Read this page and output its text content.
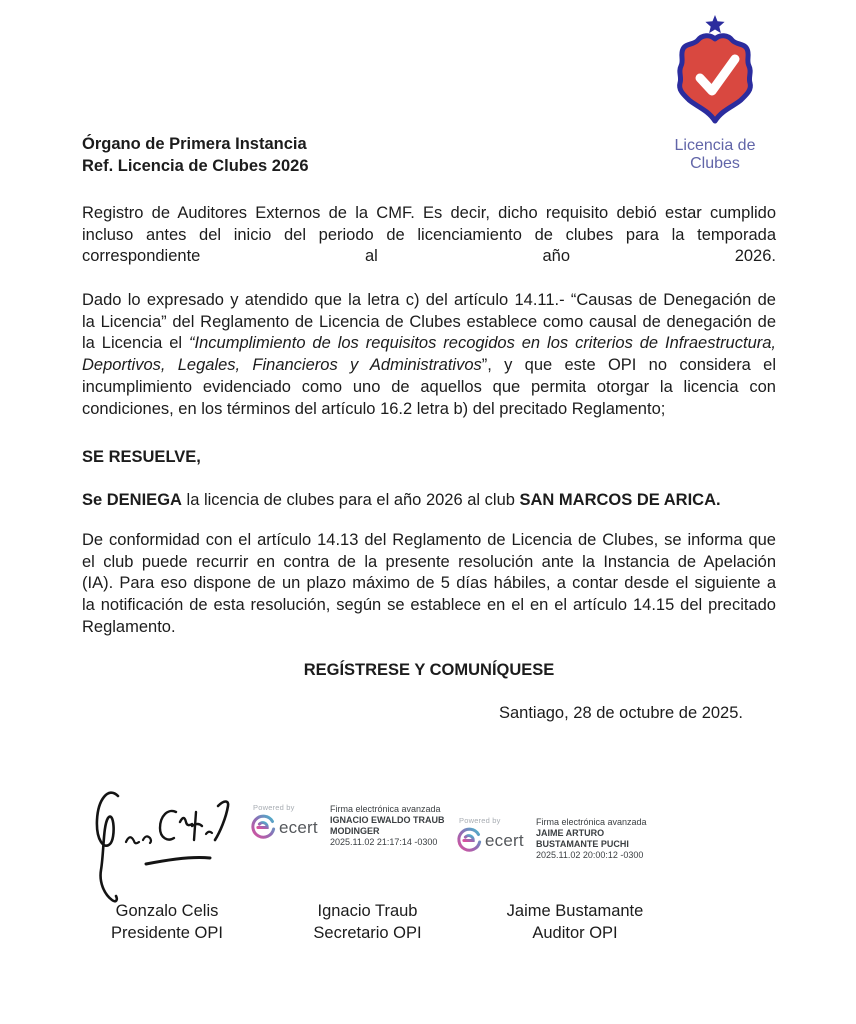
Licencia de
Clubes
Órgano de Primera Instancia
Ref. Licencia de Clubes 2026
Registro de Auditores Externos de la CMF. Es decir, dicho requisito debió estar cumplido
incluso antes del inicio del periodo de licenciamiento de clubes para la temporada
correspondiente al año 2026.
Dado lo expresado y atendido que la letra c) del artículo 14.11.- “Causas de Denegación de
la Licencia” del Reglamento de Licencia de Clubes establece como causal de denegación de
la Licencia el “Incumplimiento de los requisitos recogidos en los criterios de Infraestructura,
Deportivos, Legales, Financieros y Administrativos”, y que este OPI no considera el
incumplimiento evidenciado como uno de aquellos que permita otorgar la licencia con
condiciones, en los términos del artículo 16.2 letra b) del precitado Reglamento;
SE RESUELVE,
Se DENIEGA la licencia de clubes para el año 2026 al club SAN MARCOS DE ARICA.
De conformidad con el artículo 14.13 del Reglamento de Licencia de Clubes, se informa que
el club puede recurrir en contra de la presente resolución ante la Instancia de Apelación
(IA). Para eso dispone de un plazo máximo de 5 días hábiles, a contar desde el siguiente a
la notificación de esta resolución, según se establece en el en el artículo 14.15 del precitado
Reglamento.
REGÍSTRESE Y COMUNÍQUESE
Santiago, 28 de octubre de 2025.
Powered by
ecert
Firma electrónica avanzada
IGNACIO EWALDO TRAUB
MODINGER
2025.11.02 21:17:14 -0300
Powered by
ecert
Firma electrónica avanzada
JAIME ARTURO
BUSTAMANTE PUCHI
2025.11.02 20:00:12 -0300
Gonzalo Celis
Presidente OPI
Ignacio Traub
Secretario OPI
Jaime Bustamante
Auditor OPI
